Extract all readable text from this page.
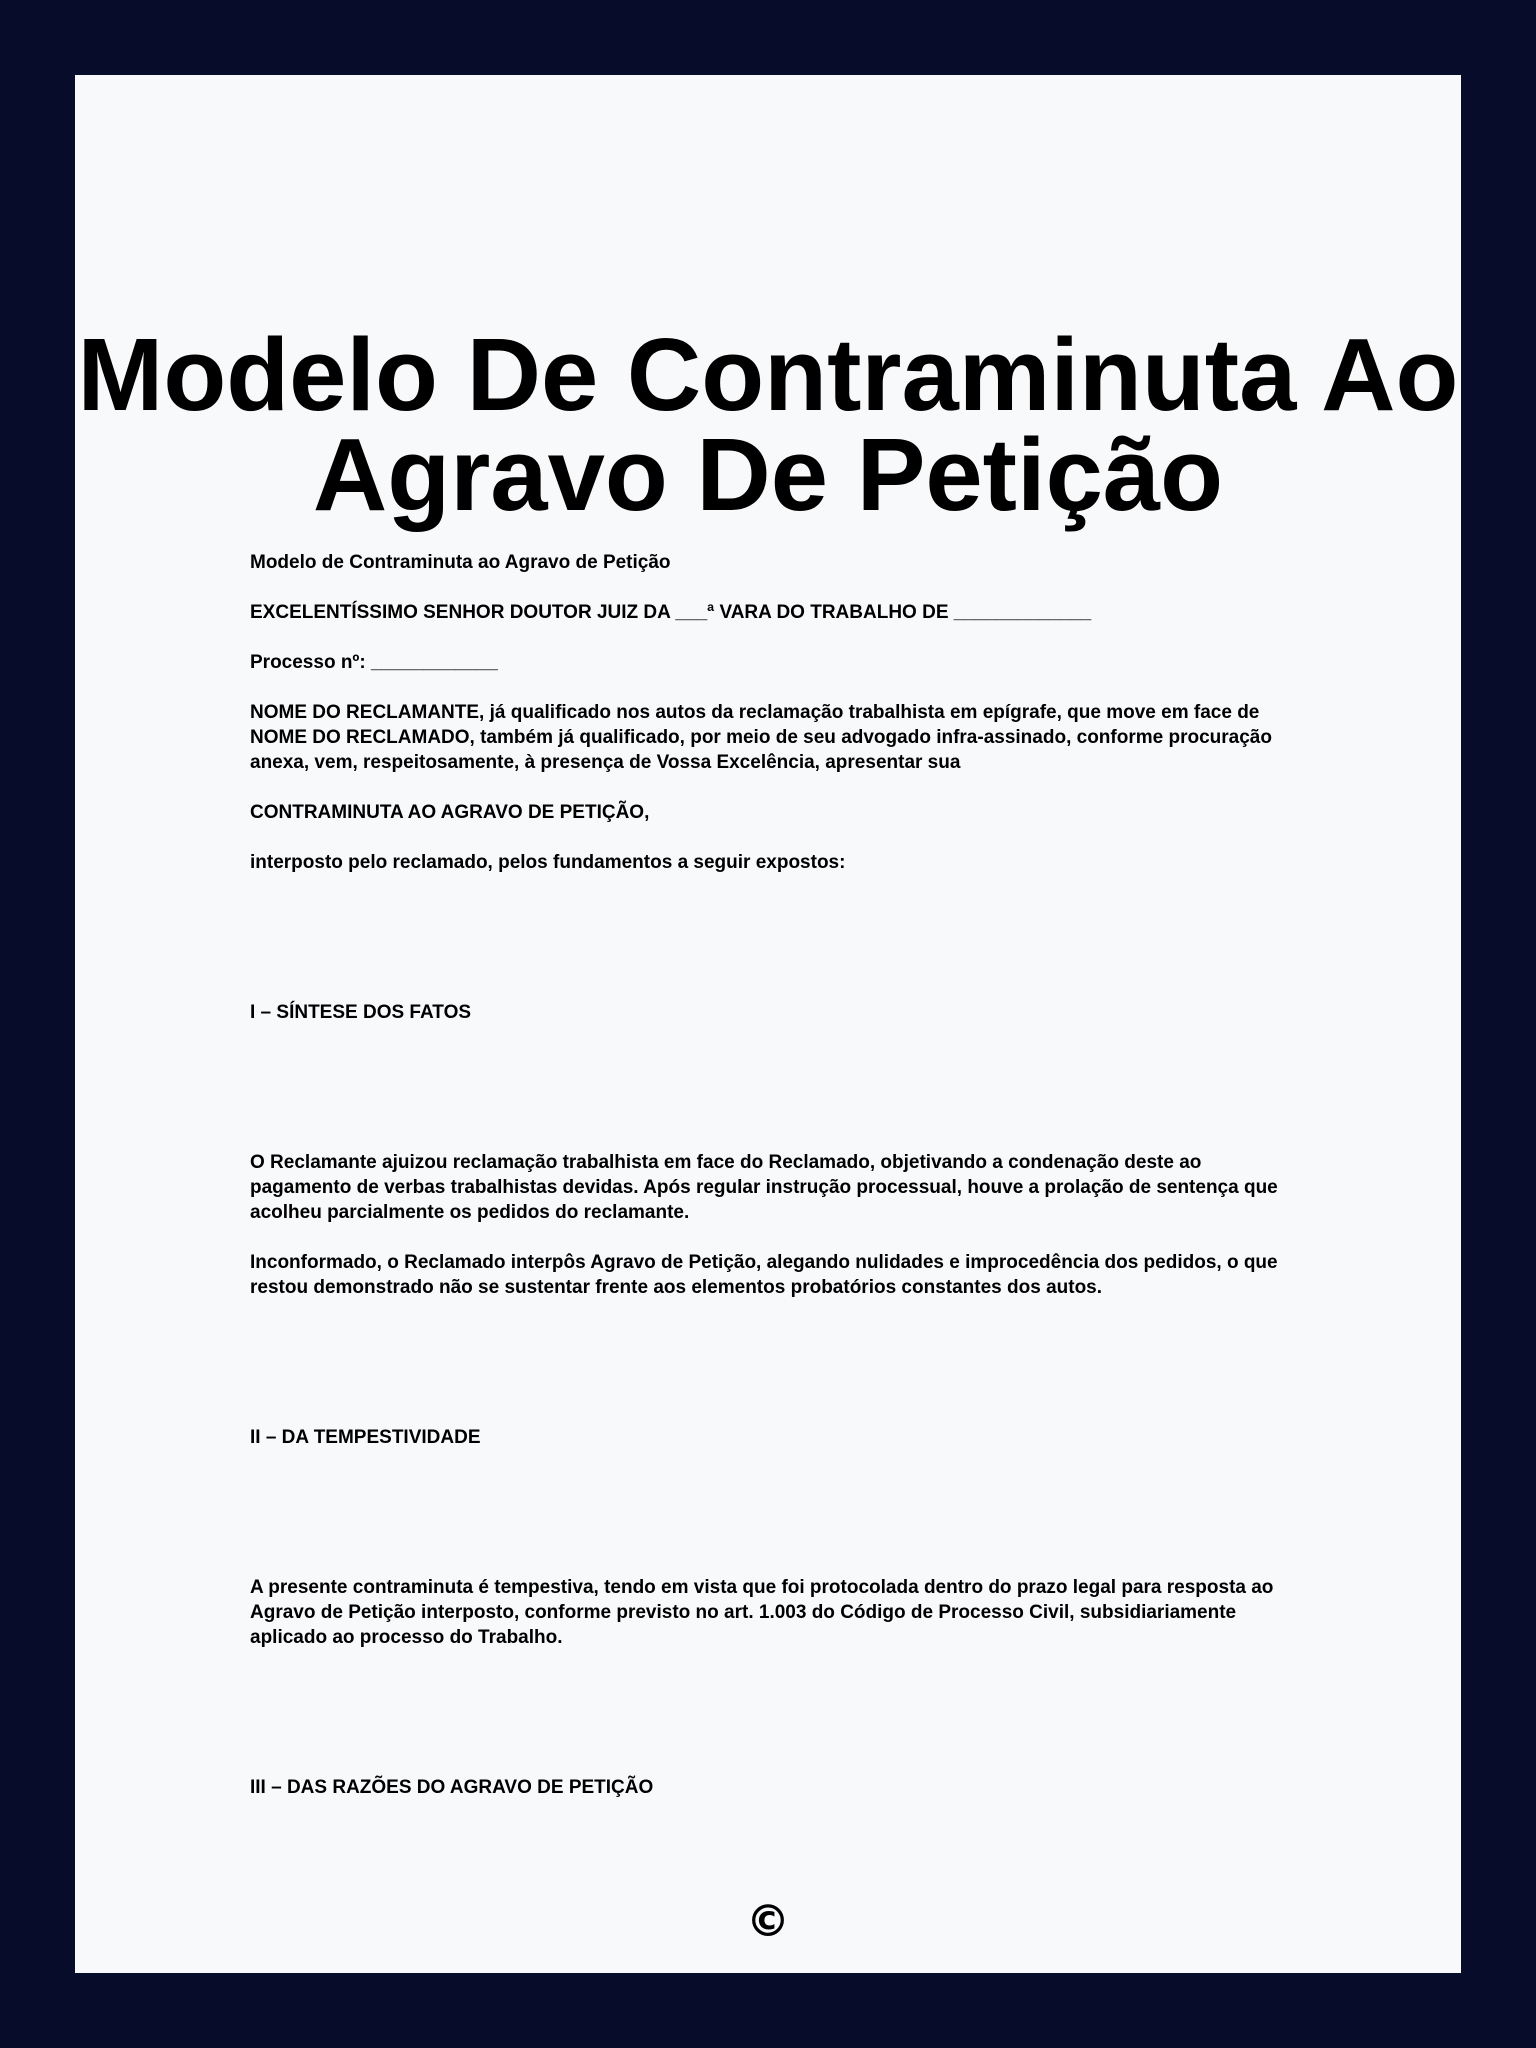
Modelo De Contraminuta Ao Agravo De Petição

Modelo de Contraminuta ao Agravo de Petição

EXCELENTÍSSIMO SENHOR DOUTOR JUIZ DA ___ª VARA DO TRABALHO DE _____________

Processo nº: ____________

NOME DO RECLAMANTE, já qualificado nos autos da reclamação trabalhista em epígrafe, que move em face de NOME DO RECLAMADO, também já qualificado, por meio de seu advogado infra-assinado, conforme procuração anexa, vem, respeitosamente, à presença de Vossa Excelência, apresentar sua

CONTRAMINUTA AO AGRAVO DE PETIÇÃO,

interposto pelo reclamado, pelos fundamentos a seguir expostos:

I – SÍNTESE DOS FATOS

O Reclamante ajuizou reclamação trabalhista em face do Reclamado, objetivando a condenação deste ao pagamento de verbas trabalhistas devidas. Após regular instrução processual, houve a prolação de sentença que acolheu parcialmente os pedidos do reclamante.

Inconformado, o Reclamado interpôs Agravo de Petição, alegando nulidades e improcedência dos pedidos, o que restou demonstrado não se sustentar frente aos elementos probatórios constantes dos autos.

II – DA TEMPESTIVIDADE

A presente contraminuta é tempestiva, tendo em vista que foi protocolada dentro do prazo legal para resposta ao Agravo de Petição interposto, conforme previsto no art. 1.003 do Código de Processo Civil, subsidiariamente aplicado ao processo do Trabalho.

III – DAS RAZÕES DO AGRAVO DE PETIÇÃO

©
